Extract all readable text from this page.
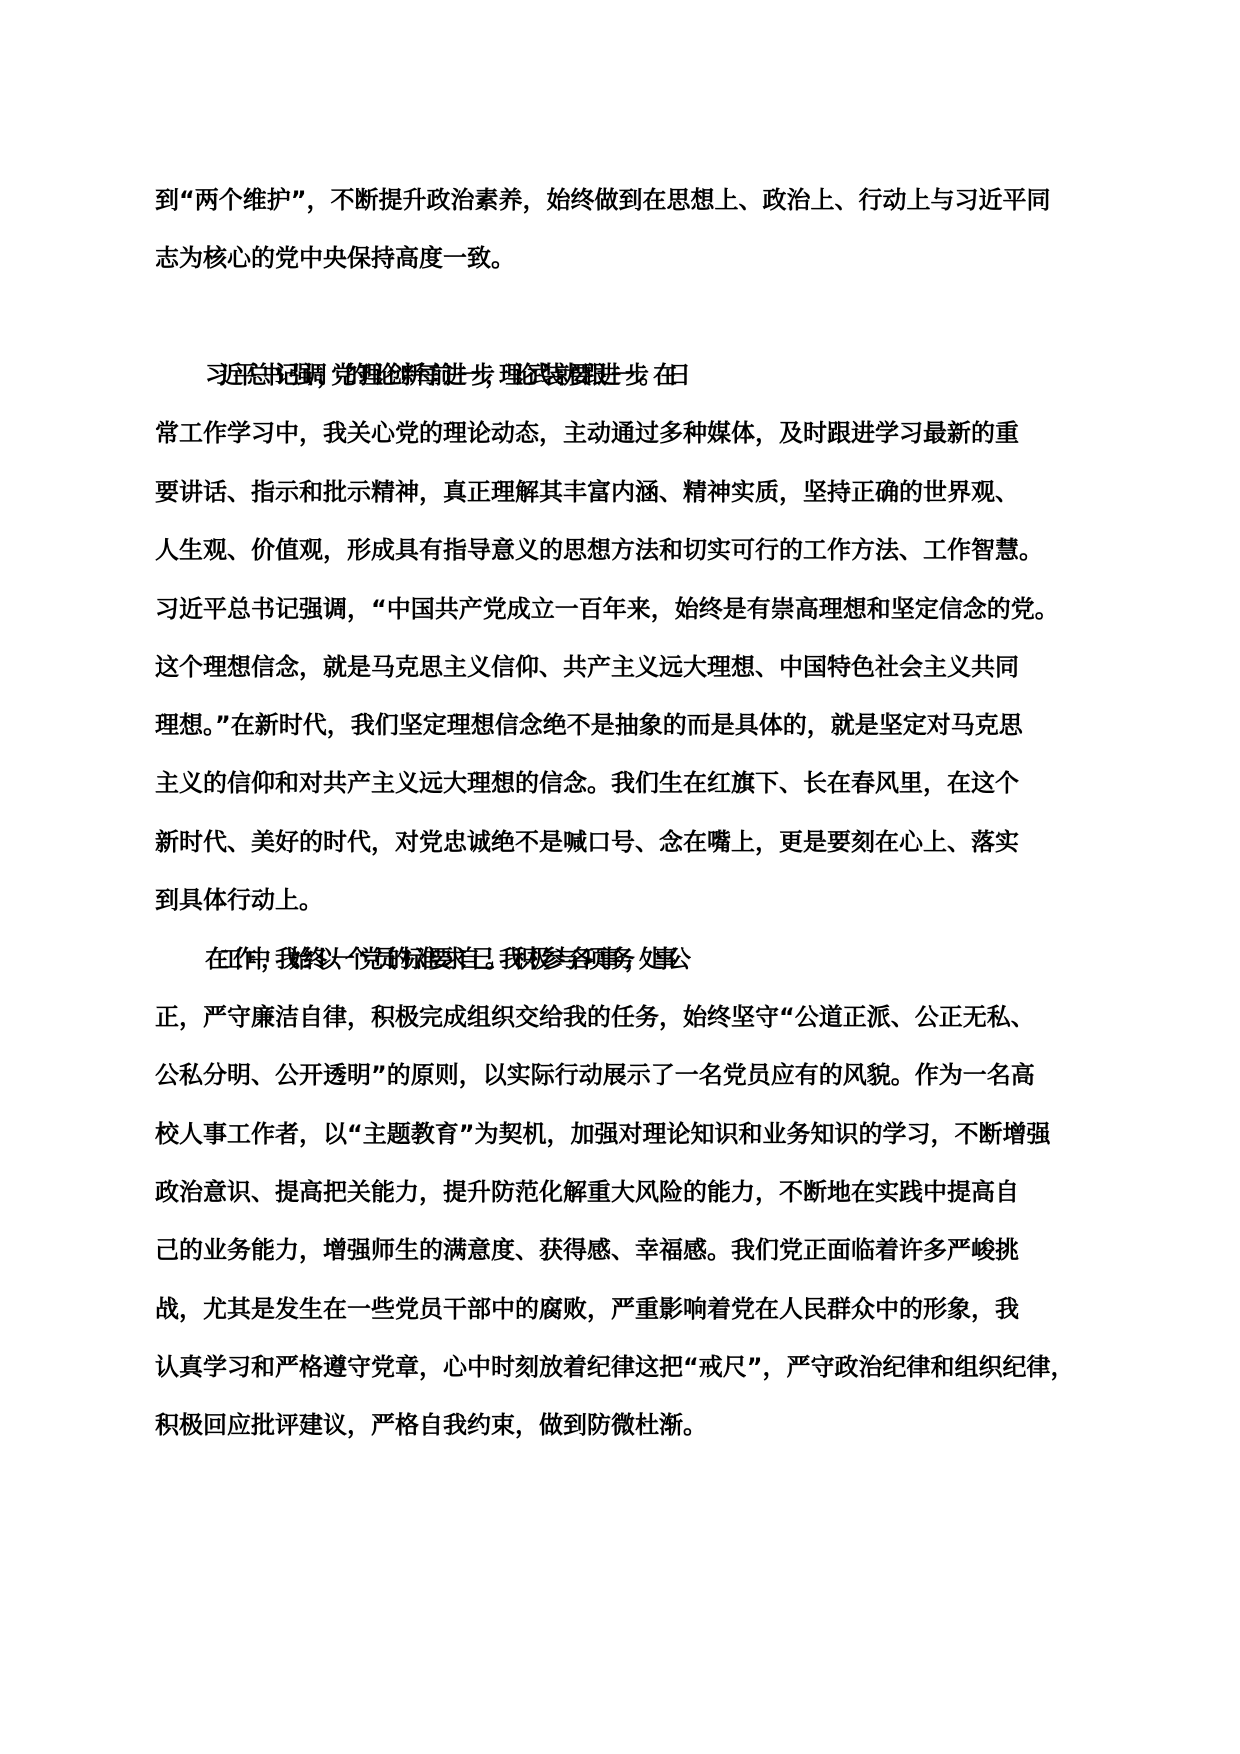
到“两个维护”，不断提升政治素养，始终做到在思想上、政治上、行动上与习近平同
志为核心的党中央保持高度一致。
习近平总书记强调，党的理论创新每前进一步，理论武装就要跟进一步。在日
常工作学习中，我关心党的理论动态，主动通过多种媒体，及时跟进学习最新的重
要讲话、指示和批示精神，真正理解其丰富内涵、精神实质，坚持正确的世界观、
人生观、价值观，形成具有指导意义的思想方法和切实可行的工作方法、工作智慧。
习近平总书记强调，“中国共产党成立一百年来，始终是有崇高理想和坚定信念的党。
这个理想信念，就是马克思主义信仰、共产主义远大理想、中国特色社会主义共同
理想。”在新时代，我们坚定理想信念绝不是抽象的而是具体的，就是坚定对马克思
主义的信仰和对共产主义远大理想的信念。我们生在红旗下、长在春风里，在这个
新时代、美好的时代，对党忠诚绝不是喊口号、念在嘴上，更是要刻在心上、落实
到具体行动上。
在工作中，我始终以一个党员的标准要求自己。我积极参与各项事务，处事公
正，严守廉洁自律，积极完成组织交给我的任务，始终坚守“公道正派、公正无私、
公私分明、公开透明”的原则，以实际行动展示了一名党员应有的风貌。作为一名高
校人事工作者，以“主题教育”为契机，加强对理论知识和业务知识的学习，不断增强
政治意识、提高把关能力，提升防范化解重大风险的能力，不断地在实践中提高自
己的业务能力，增强师生的满意度、获得感、幸福感。我们党正面临着许多严峻挑
战，尤其是发生在一些党员干部中的腐败，严重影响着党在人民群众中的形象，我
认真学习和严格遵守党章，心中时刻放着纪律这把“戒尺”，严守政治纪律和组织纪律，
积极回应批评建议，严格自我约束，做到防微杜渐。
